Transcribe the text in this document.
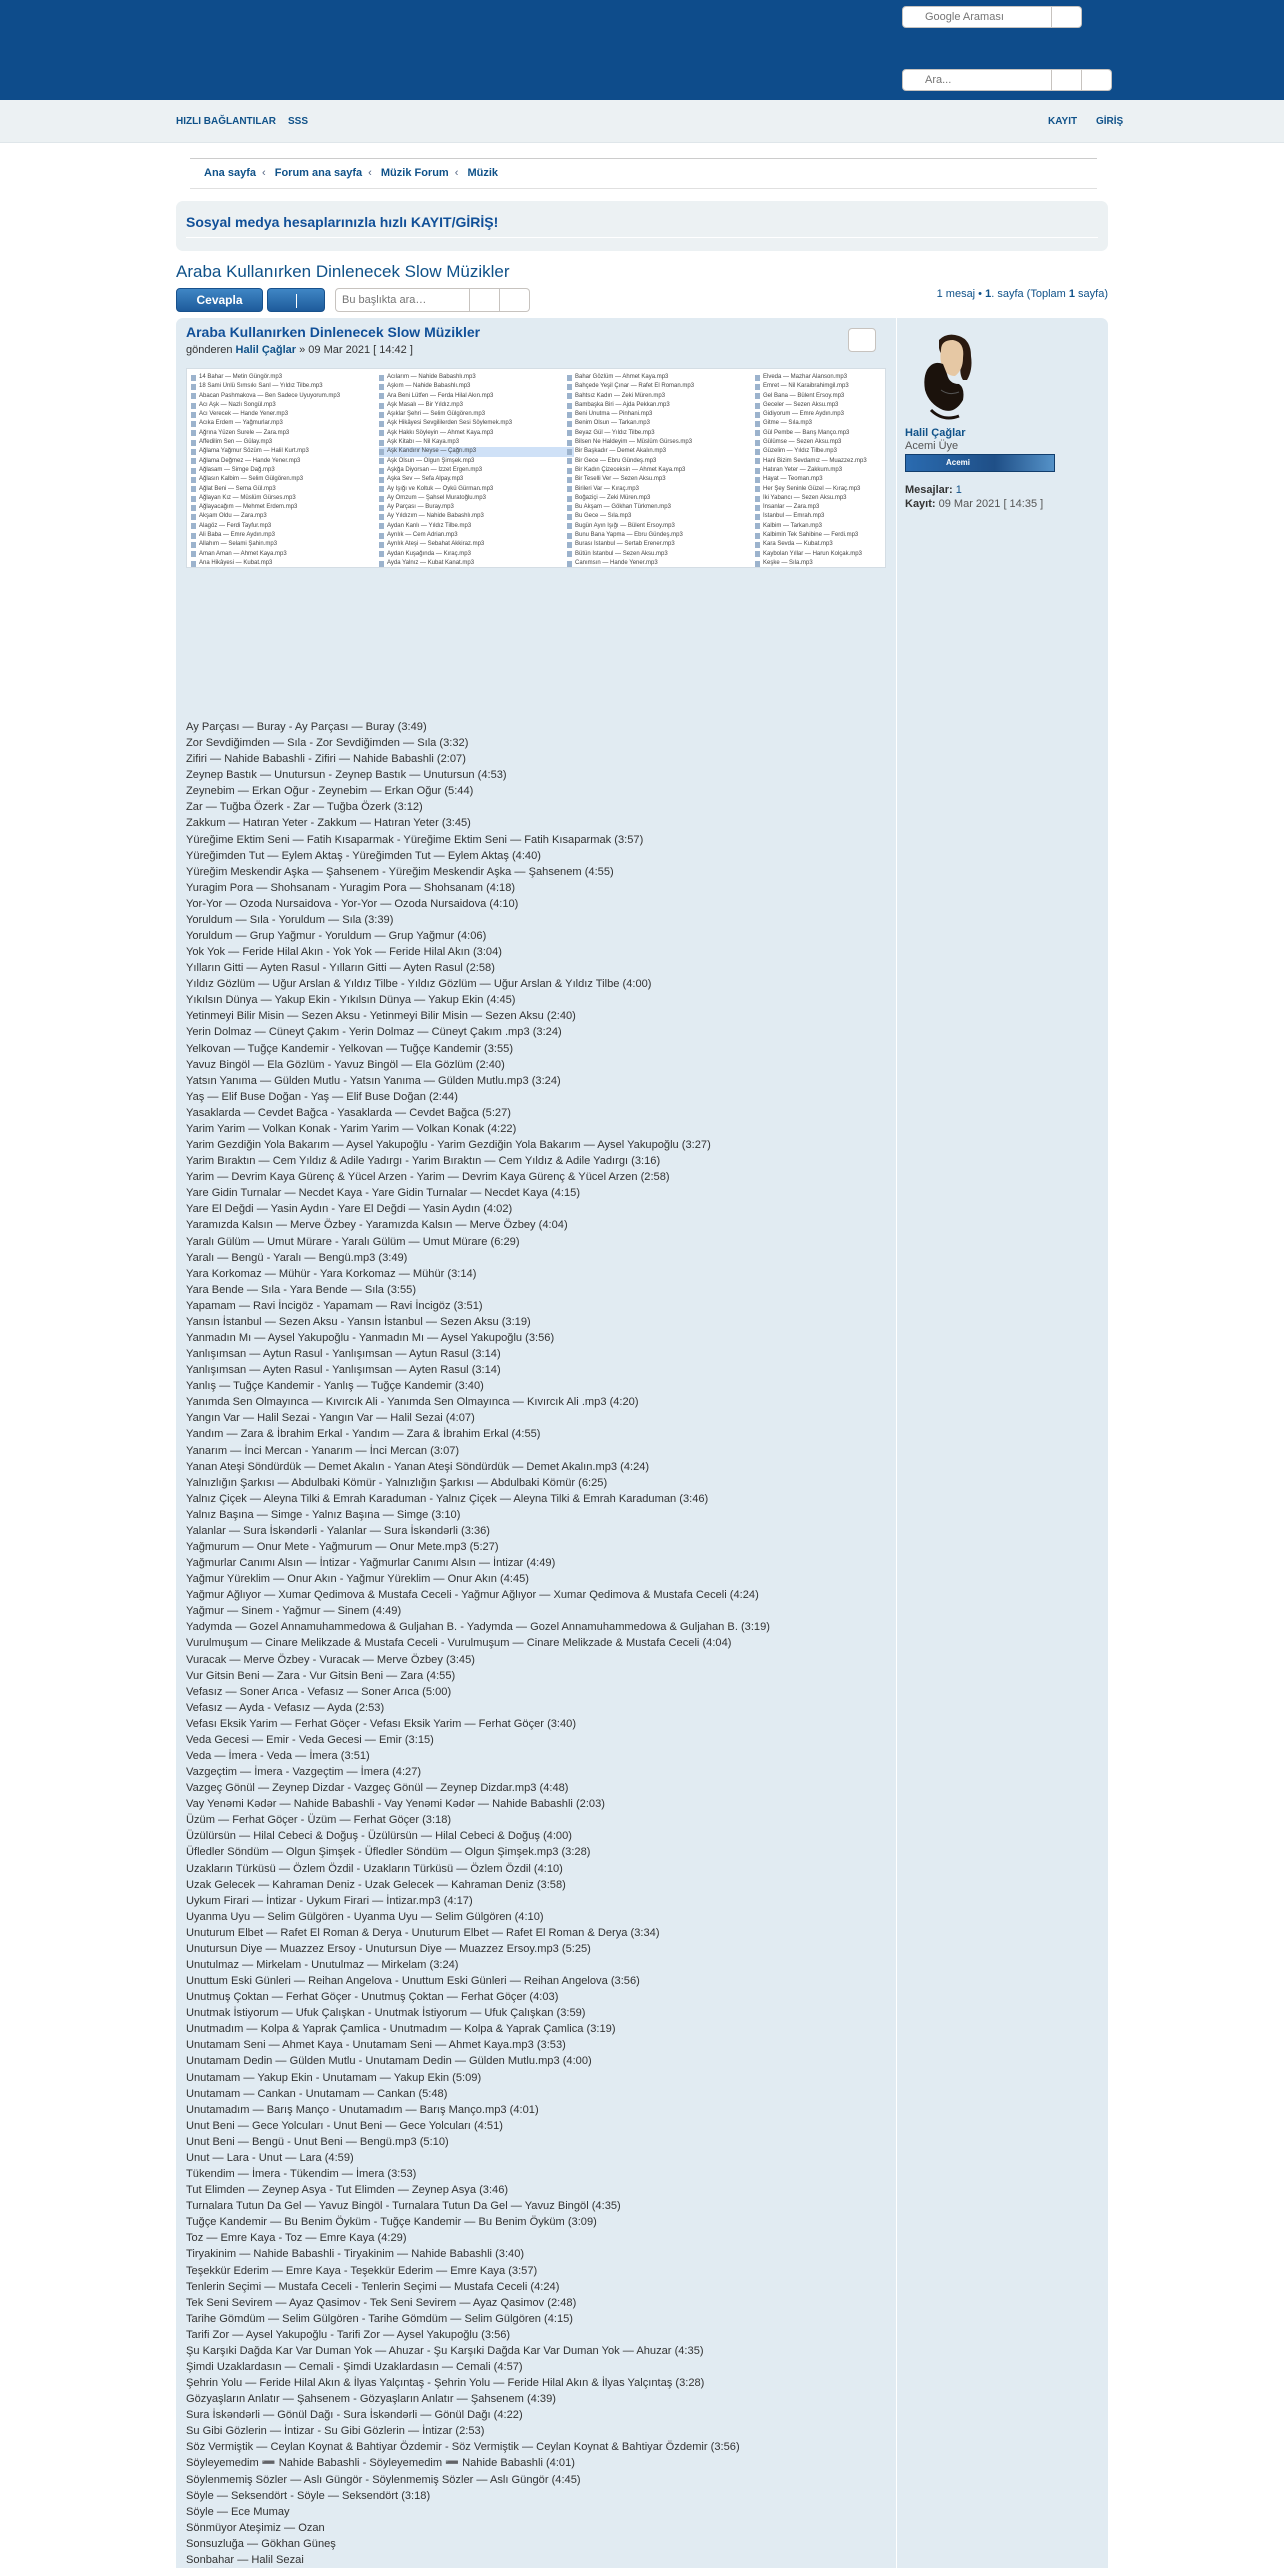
Google Araması
Ara...
HIZLI BAĞLANTILAR SSS	KAYIT GİRİŞ
Ana sayfa ‹ Forum ana sayfa ‹ Müzik Forum ‹ Müzik
Sosyal medya hesaplarınızla hızlı KAYIT/GİRİŞ!
Araba Kullanırken Dinlenecek Slow Müzikler
Cevapla
Bu başlıkta ara…	1 mesaj • 1. sayfa (Toplam 1 sayfa)
Araba Kullanırken Dinlenecek Slow Müzikler
gönderen Halil Çağlar » 09 Mar 2021 [ 14:42 ]
14 Bahar — Metin Güngör.mp3
18 Sami Ünlü Sımsıkı Sarıl — Yıldız Tilbe.mp3
Abacan Pashmakova — Ben Sadece Uyuyorum.mp3
Acı Aşk — Nazlı Songül.mp3
Acı Verecek — Hande Yener.mp3
Acıka Erdem — Yağmurlar.mp3
Ağrına Yüzen Surele — Zara.mp3
Affedilim Sen — Gülay.mp3
Ağlama Yağmur Sözüm — Halil Kurt.mp3
Ağlama Değmez — Hande Yener.mp3
Ağlasam — Simge Dağ.mp3
Ağlasın Kalbim — Selim Gülgören.mp3
Ağlat Beni — Sema Gül.mp3
Ağlayan Kız — Müslüm Gürses.mp3
Ağlayacağım — Mehmet Erdem.mp3
Akşam Oldu — Zara.mp3
Alagöz — Ferdi Tayfur.mp3
Ali Baba — Emre Aydın.mp3
Allahım — Selami Şahin.mp3
Aman Aman — Ahmet Kaya.mp3
Ana Hikâyesi — Kubat.mp3
Acılarım — Nahide Babashlı.mp3
Aşkım — Nahide Babashlı.mp3
Ara Beni Lütfen — Ferda Hilal Akın.mp3
Aşk Masalı — Bir Yıldız.mp3
Aşıklar Şehri — Selim Gülgören.mp3
Aşk Hikâyesi Sevgililerden Sesi Söylemek.mp3
Aşk Hakkı Söyleyin — Ahmet Kaya.mp3
Aşk Kitabı — Nil Kaya.mp3
Aşk Kandırır Neyse — Çağrı.mp3
Aşk Olsun — Olgun Şimşek.mp3
Aşkğa Diyorsan — İzzet Ergen.mp3
Aşka Sev — Sefa Alpay.mp3
Ay Işığı ve Koltuk — Öykü Gürman.mp3
Ay Omzum — Şahsel Muratoğlu.mp3
Ay Parçası — Buray.mp3
Ay Yıldızım — Nahide Babashlı.mp3
Aydan Kanlı — Yıldız Tilbe.mp3
Ayrılık — Cem Adrian.mp3
Ayrılık Ateşi — Sebahat Akkiraz.mp3
Aydan Kuşağında — Kıraç.mp3
Ayda Yalnız — Kubat Kanat.mp3
Bahar Gözlüm — Ahmet Kaya.mp3
Bahçede Yeşil Çınar — Rafet El Roman.mp3
Bahtsız Kadın — Zeki Müren.mp3
Bambaşka Biri — Ajda Pekkan.mp3
Beni Unutma — Pinhani.mp3
Benim Olsun — Tarkan.mp3
Beyaz Gül — Yıldız Tilbe.mp3
Bilsen Ne Haldeyim — Müslüm Gürses.mp3
Bir Başkadır — Demet Akalın.mp3
Bir Gece — Ebru Gündeş.mp3
Bir Kadın Çizeceksin — Ahmet Kaya.mp3
Bir Teselli Ver — Sezen Aksu.mp3
Birileri Var — Kıraç.mp3
Boğaziçi — Zeki Müren.mp3
Bu Akşam — Gökhan Türkmen.mp3
Bu Gece — Sıla.mp3
Bugün Ayın Işığı — Bülent Ersoy.mp3
Bunu Bana Yapma — Ebru Gündeş.mp3
Burası İstanbul — Sertab Erener.mp3
Bütün İstanbul — Sezen Aksu.mp3
Canımsın — Hande Yener.mp3
Elveda — Mazhar Alanson.mp3
Emret — Nil Karaibrahimgil.mp3
Gel Bana — Bülent Ersoy.mp3
Geceler — Sezen Aksu.mp3
Gidiyorum — Emre Aydın.mp3
Gitme — Sıla.mp3
Gül Pembe — Barış Manço.mp3
Gülümse — Sezen Aksu.mp3
Güzelim — Yıldız Tilbe.mp3
Hani Bizim Sevdamız — Muazzez.mp3
Hatıran Yeter — Zakkum.mp3
Hayat — Teoman.mp3
Her Şey Seninle Güzel — Kıraç.mp3
İki Yabancı — Sezen Aksu.mp3
İnsanlar — Zara.mp3
İstanbul — Emrah.mp3
Kalbim — Tarkan.mp3
Kalbimin Tek Sahibine — Ferdi.mp3
Kara Sevda — Kubat.mp3
Kaybolan Yıllar — Harun Kolçak.mp3
Keşke — Sıla.mp3
Ay Parçası — Buray - Ay Parçası — Buray (3:49)
Zor Sevdiğimden — Sıla - Zor Sevdiğimden — Sıla (3:32)
Zifiri — Nahide Babashli - Zifiri — Nahide Babashli (2:07)
Zeynep Bastık — Unutursun - Zeynep Bastık — Unutursun (4:53)
Zeynebim — Erkan Oğur - Zeynebim — Erkan Oğur (5:44)
Zar — Tuğba Özerk - Zar — Tuğba Özerk (3:12)
Zakkum — Hatıran Yeter - Zakkum — Hatıran Yeter (3:45)
Yüreğime Ektim Seni — Fatih Kısaparmak - Yüreğime Ektim Seni — Fatih Kısaparmak (3:57)
Yüreğimden Tut — Eylem Aktaş - Yüreğimden Tut — Eylem Aktaş (4:40)
Yüreğim Meskendir Aşka — Şahsenem - Yüreğim Meskendir Aşka — Şahsenem (4:55)
Yuragim Pora — Shohsanam - Yuragim Pora — Shohsanam (4:18)
Yor-Yor — Ozoda Nursaidova - Yor-Yor — Ozoda Nursaidova (4:10)
Yoruldum — Sıla - Yoruldum — Sıla (3:39)
Yoruldum — Grup Yağmur - Yoruldum — Grup Yağmur (4:06)
Yok Yok — Feride Hilal Akın - Yok Yok — Feride Hilal Akın (3:04)
Yılların Gitti — Ayten Rasul - Yılların Gitti — Ayten Rasul (2:58)
Yıldız Gözlüm — Uğur Arslan & Yıldız Tilbe - Yıldız Gözlüm — Uğur Arslan & Yıldız Tilbe (4:00)
Yıkılsın Dünya — Yakup Ekin - Yıkılsın Dünya — Yakup Ekin (4:45)
Yetinmeyi Bilir Misin — Sezen Aksu - Yetinmeyi Bilir Misin — Sezen Aksu (2:40)
Yerin Dolmaz — Cüneyt Çakım - Yerin Dolmaz — Cüneyt Çakım .mp3 (3:24)
Yelkovan — Tuğçe Kandemir - Yelkovan — Tuğçe Kandemir (3:55)
Yavuz Bingöl — Ela Gözlüm - Yavuz Bingöl — Ela Gözlüm (2:40)
Yatsın Yanıma — Gülden Mutlu - Yatsın Yanıma — Gülden Mutlu.mp3 (3:24)
Yaş — Elif Buse Doğan - Yaş — Elif Buse Doğan (2:44)
Yasaklarda — Cevdet Bağca - Yasaklarda — Cevdet Bağca (5:27)
Yarim Yarim — Volkan Konak - Yarim Yarim — Volkan Konak (4:22)
Yarim Gezdiğin Yola Bakarım — Aysel Yakupoğlu - Yarim Gezdiğin Yola Bakarım — Aysel Yakupoğlu (3:27)
Yarim Bıraktın — Cem Yıldız & Adile Yadırgı - Yarim Bıraktın — Cem Yıldız & Adile Yadırgı (3:16)
Yarim — Devrim Kaya Gürenç & Yücel Arzen - Yarim — Devrim Kaya Gürenç & Yücel Arzen (2:58)
Yare Gidin Turnalar — Necdet Kaya - Yare Gidin Turnalar — Necdet Kaya (4:15)
Yare El Değdi — Yasin Aydın - Yare El Değdi — Yasin Aydın (4:02)
Yaramızda Kalsın — Merve Özbey - Yaramızda Kalsın — Merve Özbey (4:04)
Yaralı Gülüm — Umut Mürare - Yaralı Gülüm — Umut Mürare (6:29)
Yaralı — Bengü - Yaralı — Bengü.mp3 (3:49)
Yara Korkomaz — Mühür - Yara Korkomaz — Mühür (3:14)
Yara Bende — Sıla - Yara Bende — Sıla (3:55)
Yapamam — Ravi İncigöz - Yapamam — Ravi İncigöz (3:51)
Yansın İstanbul — Sezen Aksu - Yansın İstanbul — Sezen Aksu (3:19)
Yanmadın Mı — Aysel Yakupoğlu - Yanmadın Mı — Aysel Yakupoğlu (3:56)
Yanlışımsan — Aytun Rasul - Yanlışımsan — Aytun Rasul (3:14)
Yanlışımsan — Ayten Rasul - Yanlışımsan — Ayten Rasul (3:14)
Yanlış — Tuğçe Kandemir - Yanlış — Tuğçe Kandemir (3:40)
Yanımda Sen Olmayınca — Kıvırcık Ali - Yanımda Sen Olmayınca — Kıvırcık Ali .mp3 (4:20)
Yangın Var — Halil Sezai - Yangın Var — Halil Sezai (4:07)
Yandım — Zara & İbrahim Erkal - Yandım — Zara & İbrahim Erkal (4:55)
Yanarım — İnci Mercan - Yanarım — İnci Mercan (3:07)
Yanan Ateşi Söndürdük — Demet Akalın - Yanan Ateşi Söndürdük — Demet Akalın.mp3 (4:24)
Yalnızlığın Şarkısı — Abdulbaki Kömür - Yalnızlığın Şarkısı — Abdulbaki Kömür (6:25)
Yalnız Çiçek — Aleyna Tilki & Emrah Karaduman - Yalnız Çiçek — Aleyna Tilki & Emrah Karaduman (3:46)
Yalnız Başına — Simge - Yalnız Başına — Simge (3:10)
Yalanlar — Sura İskəndərli - Yalanlar — Sura İskəndərli (3:36)
Yağmurum — Onur Mete - Yağmurum — Onur Mete.mp3 (5:27)
Yağmurlar Canımı Alsın — İntizar - Yağmurlar Canımı Alsın — İntizar (4:49)
Yağmur Yüreklim — Onur Akın - Yağmur Yüreklim — Onur Akın (4:45)
Yağmur Ağlıyor — Xumar Qedimova & Mustafa Ceceli - Yağmur Ağlıyor — Xumar Qedimova & Mustafa Ceceli (4:24)
Yağmur — Sinem - Yağmur — Sinem (4:49)
Yadymda — Gozel Annamuhammedowa & Guljahan B. - Yadymda — Gozel Annamuhammedowa & Guljahan B. (3:19)
Vurulmuşum — Cinare Melikzade & Mustafa Ceceli - Vurulmuşum — Cinare Melikzade & Mustafa Ceceli (4:04)
Vuracak — Merve Özbey - Vuracak — Merve Özbey (3:45)
Vur Gitsin Beni — Zara - Vur Gitsin Beni — Zara (4:55)
Vefasız — Soner Arıca - Vefasız — Soner Arıca (5:00)
Vefasız — Ayda - Vefasız — Ayda (2:53)
Vefası Eksik Yarim — Ferhat Göçer - Vefası Eksik Yarim — Ferhat Göçer (3:40)
Veda Gecesi — Emir - Veda Gecesi — Emir (3:15)
Veda — İmera - Veda — İmera (3:51)
Vazgeçtim — İmera - Vazgeçtim — İmera (4:27)
Vazgeç Gönül — Zeynep Dizdar - Vazgeç Gönül — Zeynep Dizdar.mp3 (4:48)
Vay Yenəmi Kədər — Nahide Babashli - Vay Yenəmi Kədər — Nahide Babashli (2:03)
Üzüm — Ferhat Göçer - Üzüm — Ferhat Göçer (3:18)
Üzülürsün — Hilal Cebeci & Doğuş - Üzülürsün — Hilal Cebeci & Doğuş (4:00)
Üfledler Söndüm — Olgun Şimşek - Üfledler Söndüm — Olgun Şimşek.mp3 (3:28)
Uzakların Türküsü — Özlem Özdil - Uzakların Türküsü — Özlem Özdil (4:10)
Uzak Gelecek — Kahraman Deniz - Uzak Gelecek — Kahraman Deniz (3:58)
Uykum Firari — İntizar - Uykum Firari — İntizar.mp3 (4:17)
Uyanma Uyu — Selim Gülgören - Uyanma Uyu — Selim Gülgören (4:10)
Unuturum Elbet — Rafet El Roman & Derya - Unuturum Elbet — Rafet El Roman & Derya (3:34)
Unutursun Diye — Muazzez Ersoy - Unutursun Diye — Muazzez Ersoy.mp3 (5:25)
Unutulmaz — Mirkelam - Unutulmaz — Mirkelam (3:24)
Unuttum Eski Günleri — Reihan Angelova - Unuttum Eski Günleri — Reihan Angelova (3:56)
Unutmuş Çoktan — Ferhat Göçer - Unutmuş Çoktan — Ferhat Göçer (4:03)
Unutmak İstiyorum — Ufuk Çalışkan - Unutmak İstiyorum — Ufuk Çalışkan (3:59)
Unutmadım — Kolpa & Yaprak Çamlica - Unutmadım — Kolpa & Yaprak Çamlica (3:19)
Unutamam Seni — Ahmet Kaya - Unutamam Seni — Ahmet Kaya.mp3 (3:53)
Unutamam Dedin — Gülden Mutlu - Unutamam Dedin — Gülden Mutlu.mp3 (4:00)
Unutamam — Yakup Ekin - Unutamam — Yakup Ekin (5:09)
Unutamam — Cankan - Unutamam — Cankan (5:48)
Unutamadım — Barış Manço - Unutamadım — Barış Manço.mp3 (4:01)
Unut Beni — Gece Yolcuları - Unut Beni — Gece Yolcuları (4:51)
Unut Beni — Bengü - Unut Beni — Bengü.mp3 (5:10)
Unut — Lara - Unut — Lara (4:59)
Tükendim — İmera - Tükendim — İmera (3:53)
Tut Elimden — Zeynep Asya - Tut Elimden — Zeynep Asya (3:46)
Turnalara Tutun Da Gel — Yavuz Bingöl - Turnalara Tutun Da Gel — Yavuz Bingöl (4:35)
Tuğçe Kandemir — Bu Benim Öyküm - Tuğçe Kandemir — Bu Benim Öyküm (3:09)
Toz — Emre Kaya - Toz — Emre Kaya (4:29)
Tiryakinim — Nahide Babashli - Tiryakinim — Nahide Babashli (3:40)
Teşekkür Ederim — Emre Kaya - Teşekkür Ederim — Emre Kaya (3:57)
Tenlerin Seçimi — Mustafa Ceceli - Tenlerin Seçimi — Mustafa Ceceli (4:24)
Tek Seni Sevirem — Ayaz Qasimov - Tek Seni Sevirem — Ayaz Qasimov (2:48)
Tarihe Gömdüm — Selim Gülgören - Tarihe Gömdüm — Selim Gülgören (4:15)
Tarifi Zor — Aysel Yakupoğlu - Tarifi Zor — Aysel Yakupoğlu (3:56)
Şu Karşıki Dağda Kar Var Duman Yok — Ahuzar - Şu Karşıki Dağda Kar Var Duman Yok — Ahuzar (4:35)
Şimdi Uzaklardasın — Cemali - Şimdi Uzaklardasın — Cemali (4:57)
Şehrin Yolu — Feride Hilal Akın & İlyas Yalçıntaş - Şehrin Yolu — Feride Hilal Akın & İlyas Yalçıntaş (3:28)
Gözyaşların Anlatır — Şahsenem - Gözyaşların Anlatır — Şahsenem (4:39)
Sura İskəndərli — Gönül Dağı - Sura İskəndərli — Gönül Dağı (4:22)
Su Gibi Gözlerin — İntizar - Su Gibi Gözlerin — İntizar (2:53)
Söz Vermiştik — Ceylan Koynat & Bahtiyar Özdemir - Söz Vermiştik — Ceylan Koynat & Bahtiyar Özdemir (3:56)
Söyleyemedim ➖ Nahide Babashli - Söyleyemedim ➖ Nahide Babashli (4:01)
Söylenmemiş Sözler — Aslı Güngör - Söylenmemiş Sözler — Aslı Güngör (4:45)
Söyle — Seksendört - Söyle — Seksendört (3:18)
Söyle — Ece Mumay
Sönmüyor Ateşimiz — Ozan
Sonsuzluğa — Gökhan Güneş
Sonbahar — Halil Sezai
Halil Çağlar
Acemi Üye
Acemi
Mesajlar: 1
Kayıt: 09 Mar 2021 [ 14:35 ]
